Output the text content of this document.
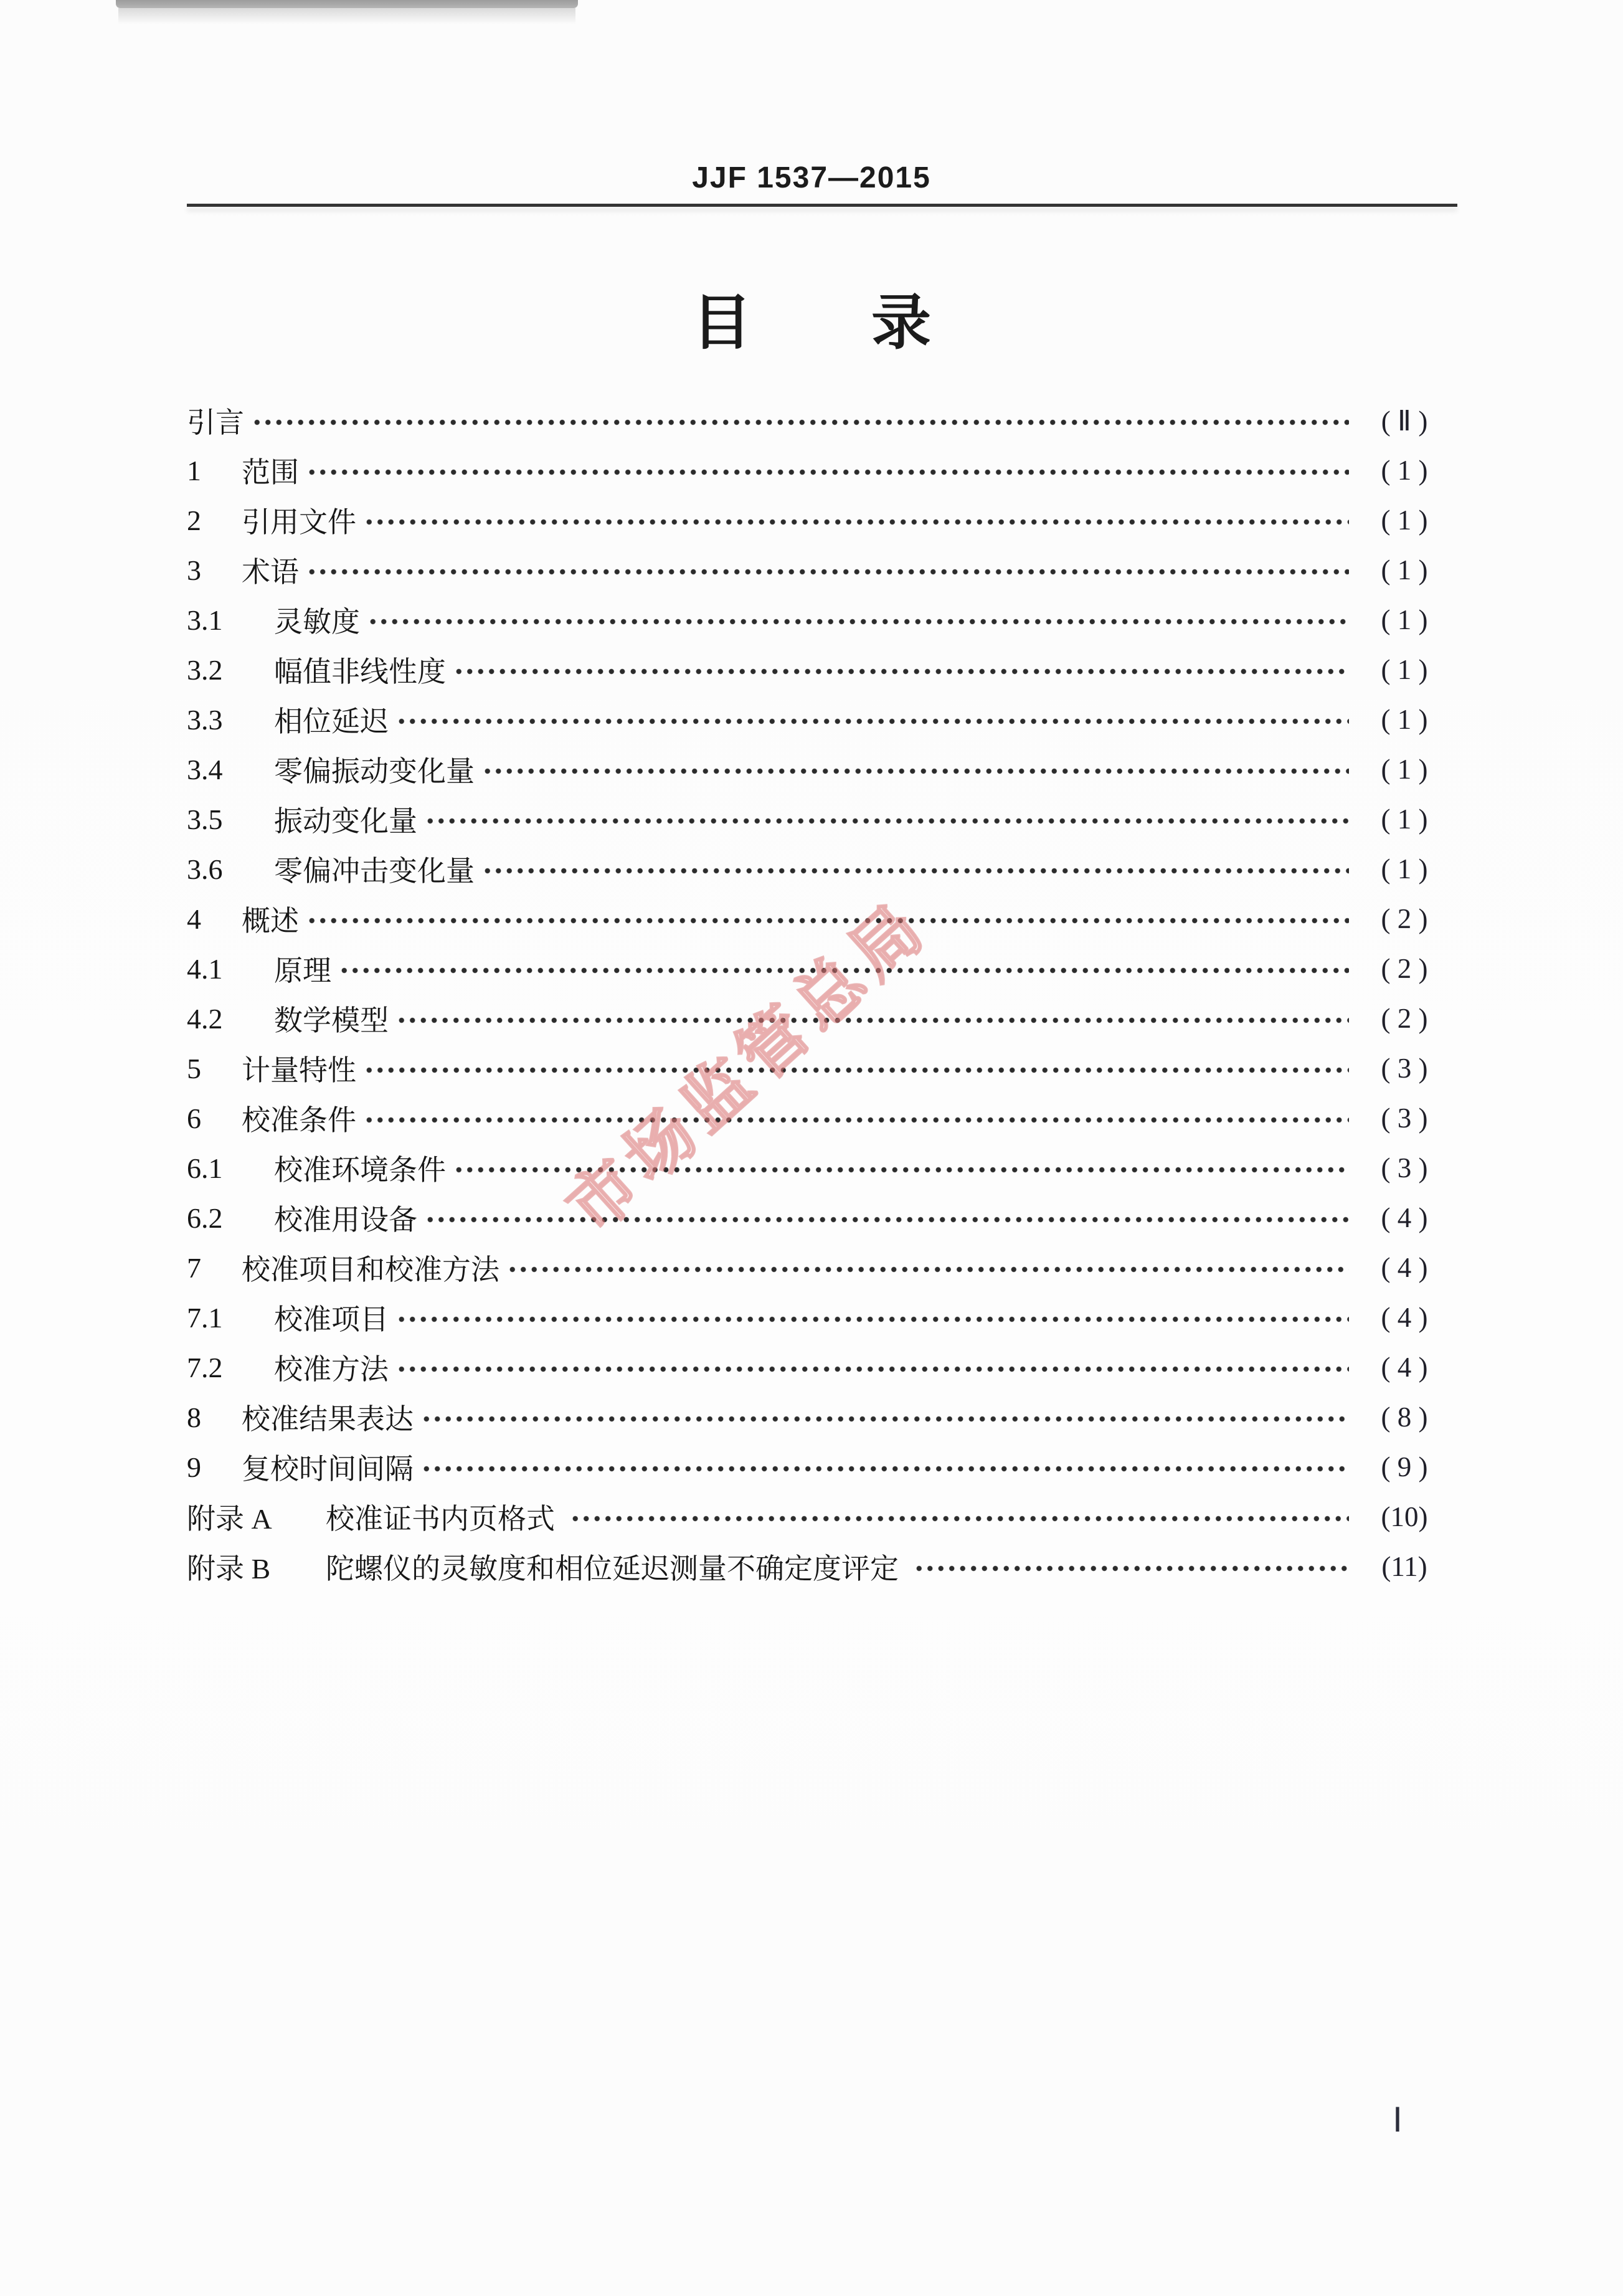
JJF 1537—2015
目　　录
引言	( Ⅱ )
1	范围	( 1 )
2	引用文件	( 1 )
3	术语	( 1 )
3.1	灵敏度	( 1 )
3.2	幅值非线性度	( 1 )
3.3	相位延迟	( 1 )
3.4	零偏振动变化量	( 1 )
3.5	振动变化量	( 1 )
3.6	零偏冲击变化量	( 1 )
4	概述	( 2 )
4.1	原理	( 2 )
4.2	数学模型	( 2 )
5	计量特性	( 3 )
6	校准条件	( 3 )
6.1	校准环境条件	( 3 )
6.2	校准用设备	( 4 )
7	校准项目和校准方法	( 4 )
7.1	校准项目	( 4 )
7.2	校准方法	( 4 )
8	校准结果表达	( 8 )
9	复校时间间隔	( 9 )
附录 A	校准证书内页格式	(10)
附录 B	陀螺仪的灵敏度和相位延迟测量不确定度评定	(11)
Ⅰ
